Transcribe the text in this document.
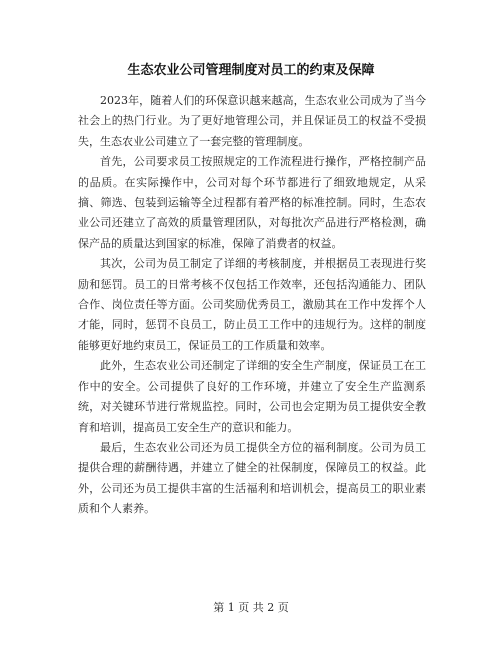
生态农业公司管理制度对员工的约束及保障

2023年，随着人们的环保意识越来越高，生态农业公司成为了当今社会上的热门行业。为了更好地管理公司，并且保证员工的权益不受损失，生态农业公司建立了一套完整的管理制度。

首先，公司要求员工按照规定的工作流程进行操作，严格控制产品的品质。在实际操作中，公司对每个环节都进行了细致地规定，从采摘、筛选、包装到运输等全过程都有着严格的标准控制。同时，生态农业公司还建立了高效的质量管理团队，对每批次产品进行严格检测，确保产品的质量达到国家的标准，保障了消费者的权益。

其次，公司为员工制定了详细的考核制度，并根据员工表现进行奖励和惩罚。员工的日常考核不仅包括工作效率，还包括沟通能力、团队合作、岗位责任等方面。公司奖励优秀员工，激励其在工作中发挥个人才能，同时，惩罚不良员工，防止员工工作中的违规行为。这样的制度能够更好地约束员工，保证员工的工作质量和效率。

此外，生态农业公司还制定了详细的安全生产制度，保证员工在工作中的安全。公司提供了良好的工作环境，并建立了安全生产监测系统，对关键环节进行常规监控。同时，公司也会定期为员工提供安全教育和培训，提高员工安全生产的意识和能力。

最后，生态农业公司还为员工提供全方位的福利制度。公司为员工提供合理的薪酬待遇，并建立了健全的社保制度，保障员工的权益。此外，公司还为员工提供丰富的生活福利和培训机会，提高员工的职业素质和个人素养。

第 1 页 共 2 页
